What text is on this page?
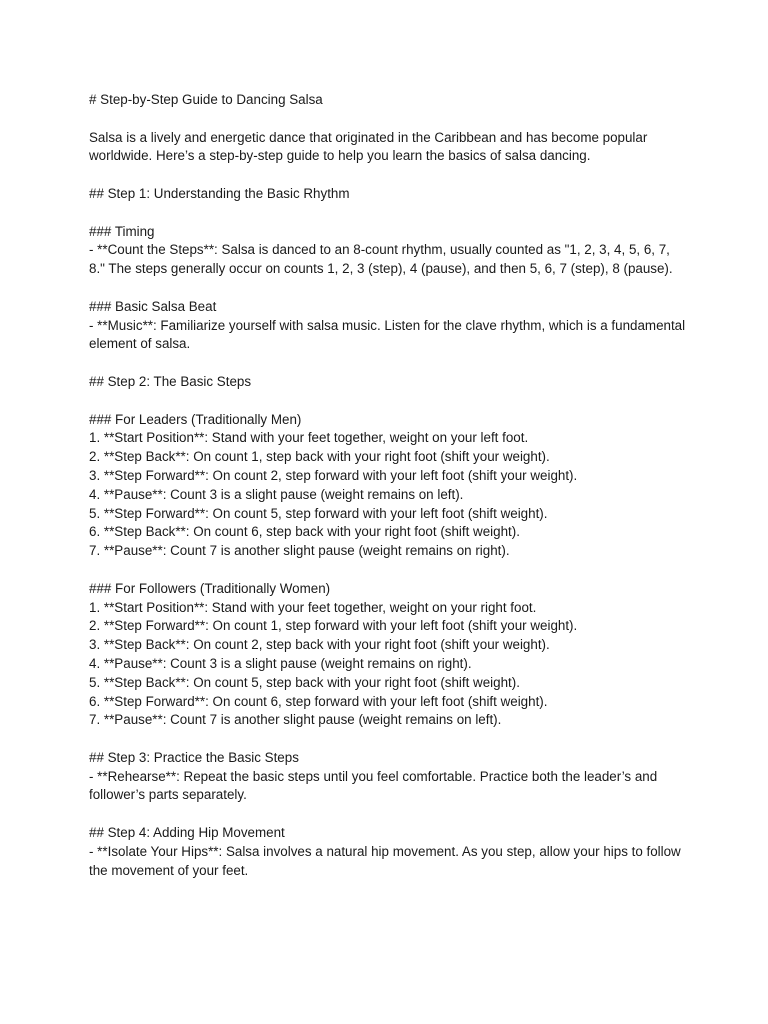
# Step-by-Step Guide to Dancing Salsa
Salsa is a lively and energetic dance that originated in the Caribbean and has become popular worldwide. Here’s a step-by-step guide to help you learn the basics of salsa dancing.
## Step 1: Understanding the Basic Rhythm
### Timing
- **Count the Steps**: Salsa is danced to an 8-count rhythm, usually counted as "1, 2, 3, 4, 5, 6, 7, 8." The steps generally occur on counts 1, 2, 3 (step), 4 (pause), and then 5, 6, 7 (step), 8 (pause).
### Basic Salsa Beat
- **Music**: Familiarize yourself with salsa music. Listen for the clave rhythm, which is a fundamental element of salsa.
## Step 2: The Basic Steps
### For Leaders (Traditionally Men)
1. **Start Position**: Stand with your feet together, weight on your left foot.
2. **Step Back**: On count 1, step back with your right foot (shift your weight).
3. **Step Forward**: On count 2, step forward with your left foot (shift your weight).
4. **Pause**: Count 3 is a slight pause (weight remains on left).
5. **Step Forward**: On count 5, step forward with your left foot (shift weight).
6. **Step Back**: On count 6, step back with your right foot (shift weight).
7. **Pause**: Count 7 is another slight pause (weight remains on right).
### For Followers (Traditionally Women)
1. **Start Position**: Stand with your feet together, weight on your right foot.
2. **Step Forward**: On count 1, step forward with your left foot (shift your weight).
3. **Step Back**: On count 2, step back with your right foot (shift your weight).
4. **Pause**: Count 3 is a slight pause (weight remains on right).
5. **Step Back**: On count 5, step back with your right foot (shift weight).
6. **Step Forward**: On count 6, step forward with your left foot (shift weight).
7. **Pause**: Count 7 is another slight pause (weight remains on left).
## Step 3: Practice the Basic Steps
- **Rehearse**: Repeat the basic steps until you feel comfortable. Practice both the leader’s and follower’s parts separately.
## Step 4: Adding Hip Movement
- **Isolate Your Hips**: Salsa involves a natural hip movement. As you step, allow your hips to follow the movement of your feet.
